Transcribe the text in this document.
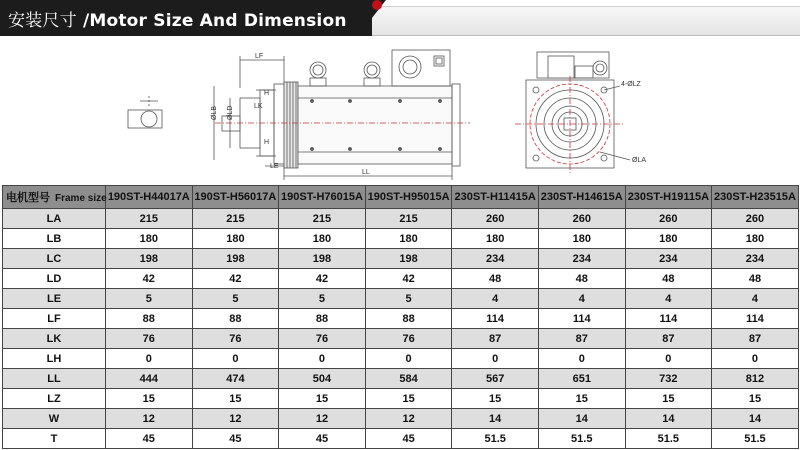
安装尺寸 /Motor Size And Dimension
LF
H
H
LK
ØLB ØLD
LE
LL
4-ØLZ
ØLA
电机型号 Frame size	190ST-H44017A	190ST-H56017A	190ST-H76015A	190ST-H95015A	230ST-H11415A	230ST-H14615A	230ST-H19115A	230ST-H23515A
LA	215	215	215	215	260	260	260	260
LB	180	180	180	180	180	180	180	180
LC	198	198	198	198	234	234	234	234
LD	42	42	42	42	48	48	48	48
LE	5	5	5	5	4	4	4	4
LF	88	88	88	88	114	114	114	114
LK	76	76	76	76	87	87	87	87
LH	0	0	0	0	0	0	0	0
LL	444	474	504	584	567	651	732	812
LZ	15	15	15	15	15	15	15	15
W	12	12	12	12	14	14	14	14
T	45	45	45	45	51.5	51.5	51.5	51.5
